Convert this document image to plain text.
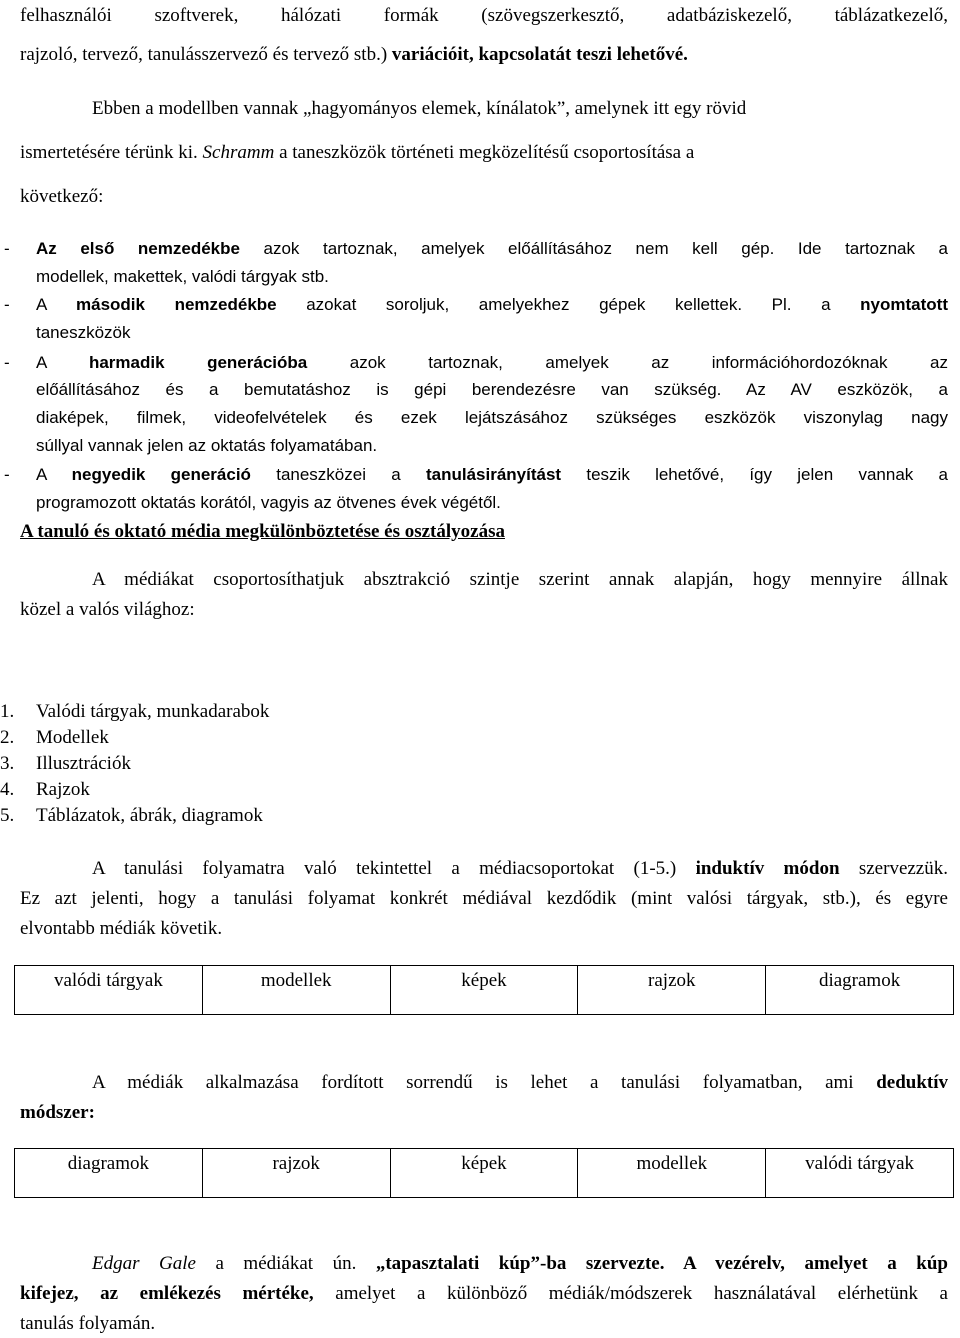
felhasználói szoftverek, hálózati formák (szövegszerkesztő, adatbáziskezelő, táblázatkezelő,
rajzoló, tervező, tanulásszervező és tervező stb.) variációit, kapcsolatát teszi lehetővé.
Ebben a modellben vannak „hagyományos elemek, kínálatok”, amelynek itt egy rövid
ismertetésére térünk ki. Schramm a taneszközök történeti megközelítésű csoportosítása a
következő:
- Az első nemzedékbe azok tartoznak, amelyek előállításához nem kell gép. Ide tartoznak a
modellek, makettek, valódi tárgyak stb.
- A második nemzedékbe azokat soroljuk, amelyekhez gépek kellettek. Pl. a nyomtatott
taneszközök
- A harmadik generációba azok tartoznak, amelyek az információhordozóknak az
előállításához és a bemutatáshoz is gépi berendezésre van szükség. Az AV eszközök, a
diaképek, filmek, videofelvételek és ezek lejátszásához szükséges eszközök viszonylag nagy
súllyal vannak jelen az oktatás folyamatában.
- A negyedik generáció taneszközei a tanulásirányítást teszik lehetővé, így jelen vannak a
programozott oktatás korától, vagyis az ötvenes évek végétől.
A tanuló és oktató média megkülönböztetése és osztályozása
A médiákat csoportosíthatjuk absztrakció szintje szerint annak alapján, hogy mennyire állnak
közel a valós világhoz:
1. Valódi tárgyak, munkadarabok
2. Modellek
3. Illusztrációk
4. Rajzok
5. Táblázatok, ábrák, diagramok
A tanulási folyamatra való tekintettel a médiacsoportokat (1-5.) induktív módon szervezzük.
Ez azt jelenti, hogy a tanulási folyamat konkrét médiával kezdődik (mint valósi tárgyak, stb.), és egyre
elvontabb médiák követik.
valódi tárgyak	modellek	képek	rajzok	diagramok
A médiák alkalmazása fordított sorrendű is lehet a tanulási folyamatban, ami deduktív
módszer:
diagramok	rajzok	képek	modellek	valódi tárgyak
Edgar Gale a médiákat ún. „tapasztalati kúp”-ba szervezte. A vezérelv, amelyet a kúp
kifejez, az emlékezés mértéke, amelyet a különböző médiák/módszerek használatával elérhetünk a
tanulás folyamán.
